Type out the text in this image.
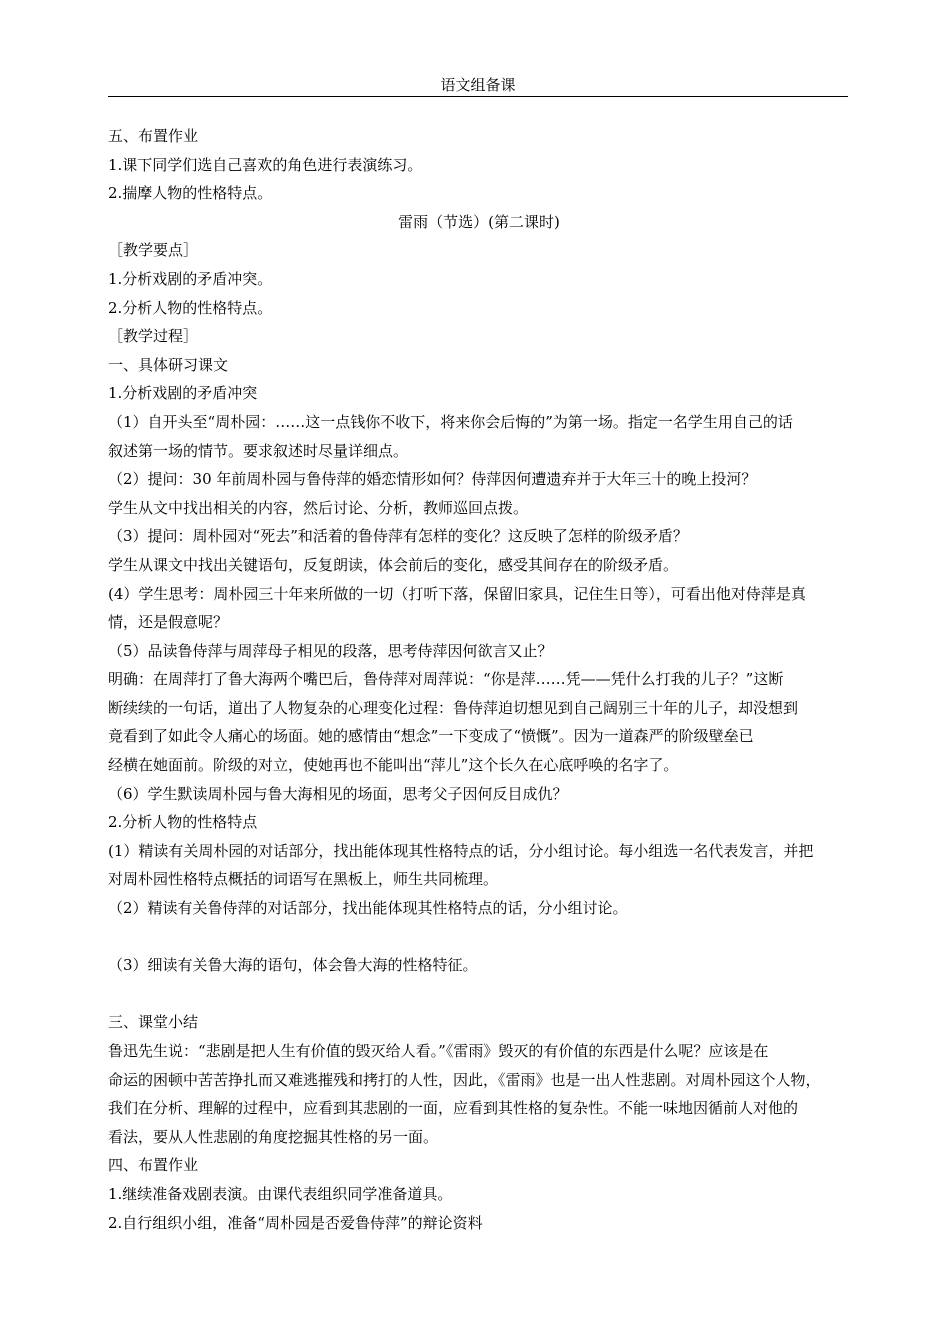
语文组备课

五、布置作业

1.课下同学们选自己喜欢的角色进行表演练习。

2.揣摩人物的性格特点。

雷雨（节选）(第二课时)

［教学要点］

1.分析戏剧的矛盾冲突。

2.分析人物的性格特点。

［教学过程］

一、具体研习课文

1.分析戏剧的矛盾冲突

（1）自开头至“周朴园：……这一点钱你不收下，将来你会后悔的”为第一场。指定一名学生用自己的话

叙述第一场的情节。要求叙述时尽量详细点。

（2）提问：30 年前周朴园与鲁侍萍的婚恋情形如何？侍萍因何遭遗弃并于大年三十的晚上投河？

学生从文中找出相关的内容，然后讨论、分析，教师巡回点拨。

（3）提问：周朴园对“死去”和活着的鲁侍萍有怎样的变化？这反映了怎样的阶级矛盾？

学生从课文中找出关键语句，反复朗读，体会前后的变化，感受其间存在的阶级矛盾。

(4）学生思考：周朴园三十年来所做的一切（打听下落，保留旧家具，记住生日等），可看出他对侍萍是真

情，还是假意呢？

（5）品读鲁侍萍与周萍母子相见的段落，思考侍萍因何欲言又止？

明确：在周萍打了鲁大海两个嘴巴后，鲁侍萍对周萍说：“你是萍……凭——凭什么打我的儿子？”这断

断续续的一句话，道出了人物复杂的心理变化过程：鲁侍萍迫切想见到自己阔别三十年的儿子，却没想到

竟看到了如此令人痛心的场面。她的感情由“想念”一下变成了“愤慨”。因为一道森严的阶级壁垒已

经横在她面前。阶级的对立，使她再也不能叫出“萍儿”这个长久在心底呼唤的名字了。

（6）学生默读周朴园与鲁大海相见的场面，思考父子因何反目成仇？

2.分析人物的性格特点

(1）精读有关周朴园的对话部分，找出能体现其性格特点的话，分小组讨论。每小组选一名代表发言，并把

对周朴园性格特点概括的词语写在黑板上，师生共同梳理。

（2）精读有关鲁侍萍的对话部分，找出能体现其性格特点的话，分小组讨论。

（3）细读有关鲁大海的语句，体会鲁大海的性格特征。

三、课堂小结

鲁迅先生说：“悲剧是把人生有价值的毁灭给人看。”《雷雨》毁灭的有价值的东西是什么呢？应该是在

命运的困顿中苦苦挣扎而又难逃摧残和拷打的人性，因此，《雷雨》也是一出人性悲剧。对周朴园这个人物，

我们在分析、理解的过程中，应看到其悲剧的一面，应看到其性格的复杂性。不能一味地因循前人对他的

看法，要从人性悲剧的角度挖掘其性格的另一面。

四、布置作业

1.继续准备戏剧表演。由课代表组织同学准备道具。

2.自行组织小组，准备“周朴园是否爱鲁侍萍”的辩论资料
